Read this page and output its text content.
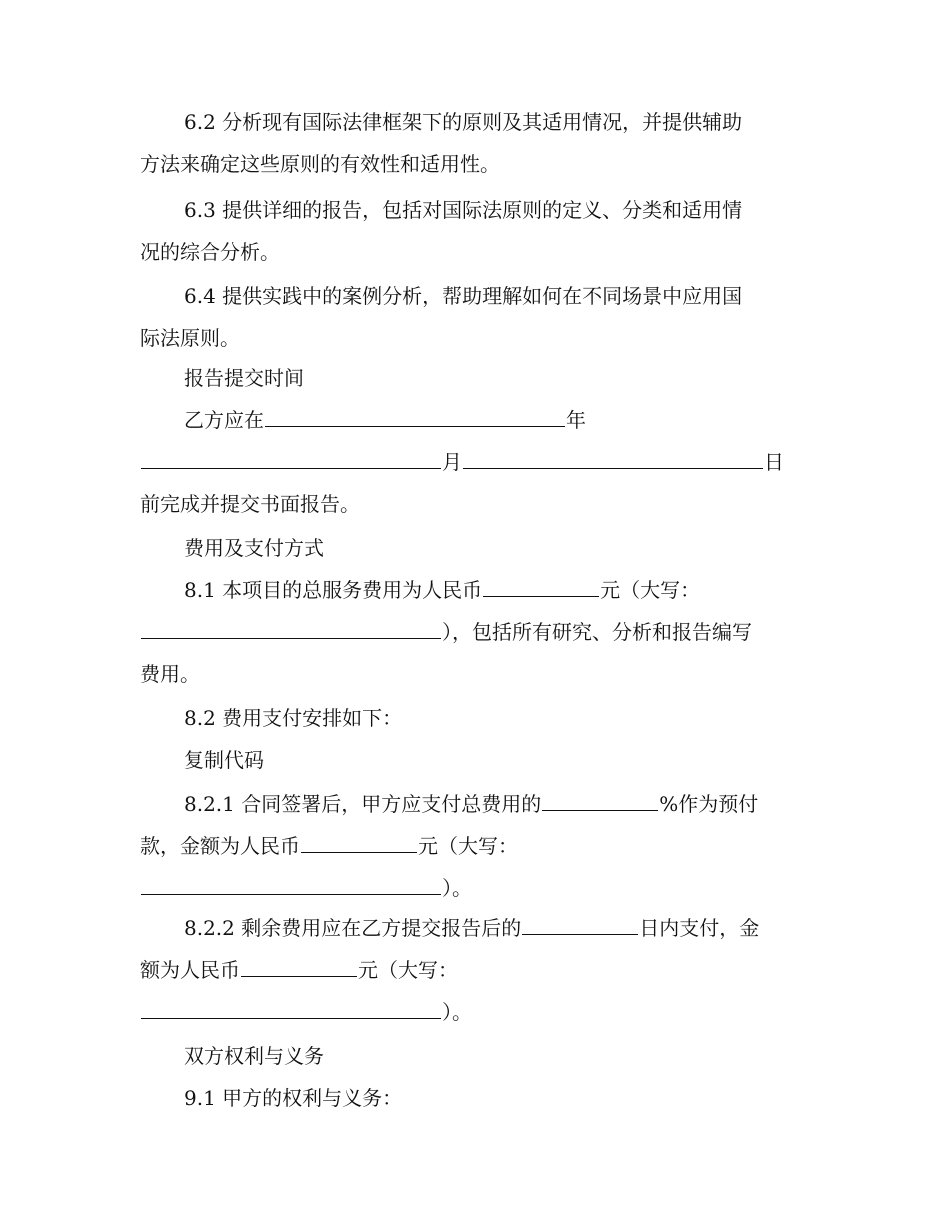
6.2 分析现有国际法律框架下的原则及其适用情况，并提供辅助

方法来确定这些原则的有效性和适用性。

6.3 提供详细的报告，包括对国际法原则的定义、分类和适用情

况的综合分析。

6.4 提供实践中的案例分析，帮助理解如何在不同场景中应用国

际法原则。

报告提交时间

乙方应在	年

月	日

前完成并提交书面报告。

费用及支付方式

8.1 本项目的总服务费用为人民币	元（大写：

），包括所有研究、分析和报告编写

费用。

8.2 费用支付安排如下：

复制代码

8.2.1 合同签署后，甲方应支付总费用的	%作为预付

款，金额为人民币	元（大写：

）。

8.2.2 剩余费用应在乙方提交报告后的	日内支付，金

额为人民币	元（大写：

）。

双方权利与义务

9.1 甲方的权利与义务：
